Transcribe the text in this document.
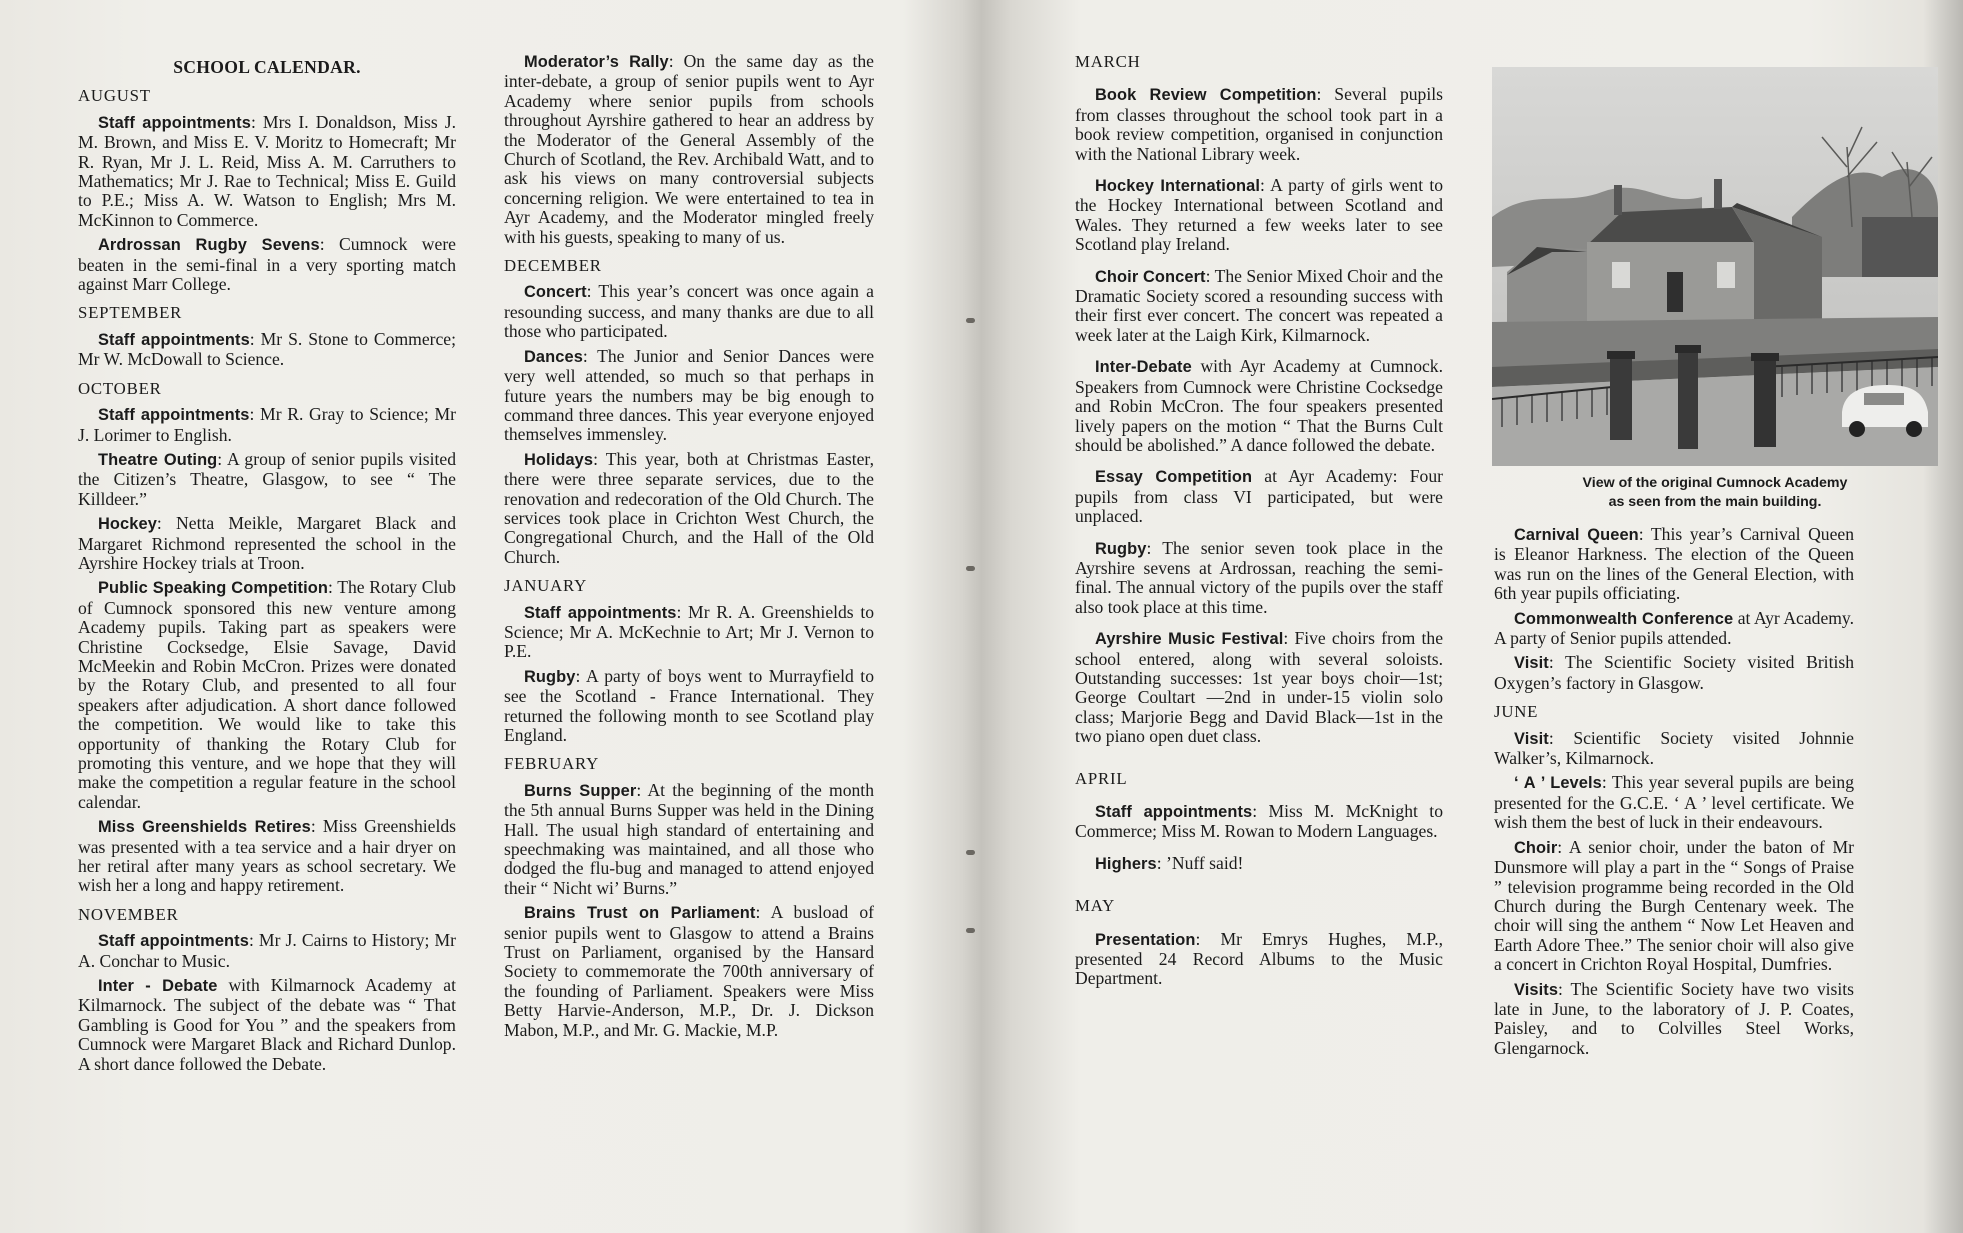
SCHOOL CALENDAR.
AUGUST

Staff appointments: Mrs I. Donaldson, Miss J. M. Brown, and Miss E. V. Moritz to Homecraft; Mr R. Ryan, Mr J. L. Reid, Miss A. M. Carruthers to Mathematics; Mr J. Rae to Technical; Miss E. Guild to P.E.; Miss A. W. Watson to English; Mrs M. McKinnon to Commerce.

Ardrossan Rugby Sevens: Cumnock were beaten in the semi-final in a very sporting match against Marr College.

SEPTEMBER

Staff appointments: Mr S. Stone to Commerce; Mr W. McDowall to Science.

OCTOBER

Staff appointments: Mr R. Gray to Science; Mr J. Lorimer to English.

Theatre Outing: A group of senior pupils visited the Citizen’s Theatre, Glasgow, to see “ The Killdeer.”

Hockey: Netta Meikle, Margaret Black and Margaret Richmond represented the school in the Ayrshire Hockey trials at Troon.

Public Speaking Competition: The Rotary Club of Cumnock sponsored this new venture among Academy pupils. Taking part as speakers were Christine Cocksedge, Elsie Savage, David McMeekin and Robin McCron. Prizes were donated by the Rotary Club, and presented to all four speakers after adjudication. A short dance followed the competition. We would like to take this opportunity of thanking the Rotary Club for promoting this venture, and we hope that they will make the competition a regular feature in the school calendar.

Miss Greenshields Retires: Miss Greenshields was presented with a tea service and a hair dryer on her retiral after many years as school secretary. We wish her a long and happy retirement.

NOVEMBER

Staff appointments: Mr J. Cairns to History; Mr A. Conchar to Music.

Inter - Debate with Kilmarnock Academy at Kilmarnock. The subject of the debate was “ That Gambling is Good for You ” and the speakers from Cumnock were Margaret Black and Richard Dunlop. A short dance followed the Debate.

Moderator’s Rally: On the same day as the inter-debate, a group of senior pupils went to Ayr Academy where senior pupils from schools throughout Ayrshire gathered to hear an address by the Moderator of the General Assembly of the Church of Scotland, the Rev. Archibald Watt, and to ask his views on many controversial subjects concerning religion. We were entertained to tea in Ayr Academy, and the Moderator mingled freely with his guests, speaking to many of us.

DECEMBER

Concert: This year’s concert was once again a resounding success, and many thanks are due to all those who participated.

Dances: The Junior and Senior Dances were very well attended, so much so that perhaps in future years the numbers may be big enough to command three dances. This year everyone enjoyed themselves immensley.

Holidays: This year, both at Christmas Easter, there were three separate services, due to the renovation and redecoration of the Old Church. The services took place in Crichton West Church, the Congregational Church, and the Hall of the Old Church.

JANUARY

Staff appointments: Mr R. A. Greenshields to Science; Mr A. McKechnie to Art; Mr J. Vernon to P.E.

Rugby: A party of boys went to Murrayfield to see the Scotland - France International. They returned the following month to see Scotland play England.

FEBRUARY

Burns Supper: At the beginning of the month the 5th annual Burns Supper was held in the Dining Hall. The usual high standard of entertaining and speechmaking was maintained, and all those who dodged the flu-bug and managed to attend enjoyed their “ Nicht wi’ Burns.”

Brains Trust on Parliament: A busload of senior pupils went to Glasgow to attend a Brains Trust on Parliament, organised by the Hansard Society to commemorate the 700th anniversary of the founding of Parliament. Speakers were Miss Betty Harvie-Anderson, M.P., Dr. J. Dickson Mabon, M.P., and Mr. G. Mackie, M.P.

MARCH

Book Review Competition: Several pupils from classes throughout the school took part in a book review competition, organised in conjunction with the National Library week.

Hockey International: A party of girls went to the Hockey International between Scotland and Wales. They returned a few weeks later to see Scotland play Ireland.

Choir Concert: The Senior Mixed Choir and the Dramatic Society scored a resounding success with their first ever concert. The concert was repeated a week later at the Laigh Kirk, Kilmarnock.

Inter-Debate with Ayr Academy at Cumnock. Speakers from Cumnock were Christine Cocksedge and Robin McCron. The four speakers presented lively papers on the motion “ That the Burns Cult should be abolished.” A dance followed the debate.

Essay Competition at Ayr Academy: Four pupils from class VI participated, but were unplaced.

Rugby: The senior seven took place in the Ayrshire sevens at Ardrossan, reaching the semi-final. The annual victory of the pupils over the staff also took place at this time.

Ayrshire Music Festival: Five choirs from the school entered, along with several soloists. Outstanding successes: 1st year boys choir—1st; George Coultart —2nd in under-15 violin solo class; Marjorie Begg and David Black—1st in the two piano open duet class.

APRIL

Staff appointments: Miss M. McKnight to Commerce; Miss M. Rowan to Modern Languages.

Highers: ’Nuff said!

MAY

Presentation: Mr Emrys Hughes, M.P., presented 24 Record Albums to the Music Department.

View of the original Cumnock Academy
as seen from the main building.

Carnival Queen: This year’s Carnival Queen is Eleanor Harkness. The election of the Queen was run on the lines of the General Election, with 6th year pupils officiating.

Commonwealth Conference at Ayr Academy. A party of Senior pupils attended.

Visit: The Scientific Society visited British Oxygen’s factory in Glasgow.

JUNE

Visit: Scientific Society visited Johnnie Walker’s, Kilmarnock.

‘ A ’ Levels: This year several pupils are being presented for the G.C.E. ‘ A ’ level certificate. We wish them the best of luck in their endeavours.

Choir: A senior choir, under the baton of Mr Dunsmore will play a part in the “ Songs of Praise ” television programme being recorded in the Old Church during the Burgh Centenary week. The choir will sing the anthem “ Now Let Heaven and Earth Adore Thee.” The senior choir will also give a concert in Crichton Royal Hospital, Dumfries.

Visits: The Scientific Society have two visits late in June, to the laboratory of J. P. Coates, Paisley, and to Colvilles Steel Works, Glengarnock.
